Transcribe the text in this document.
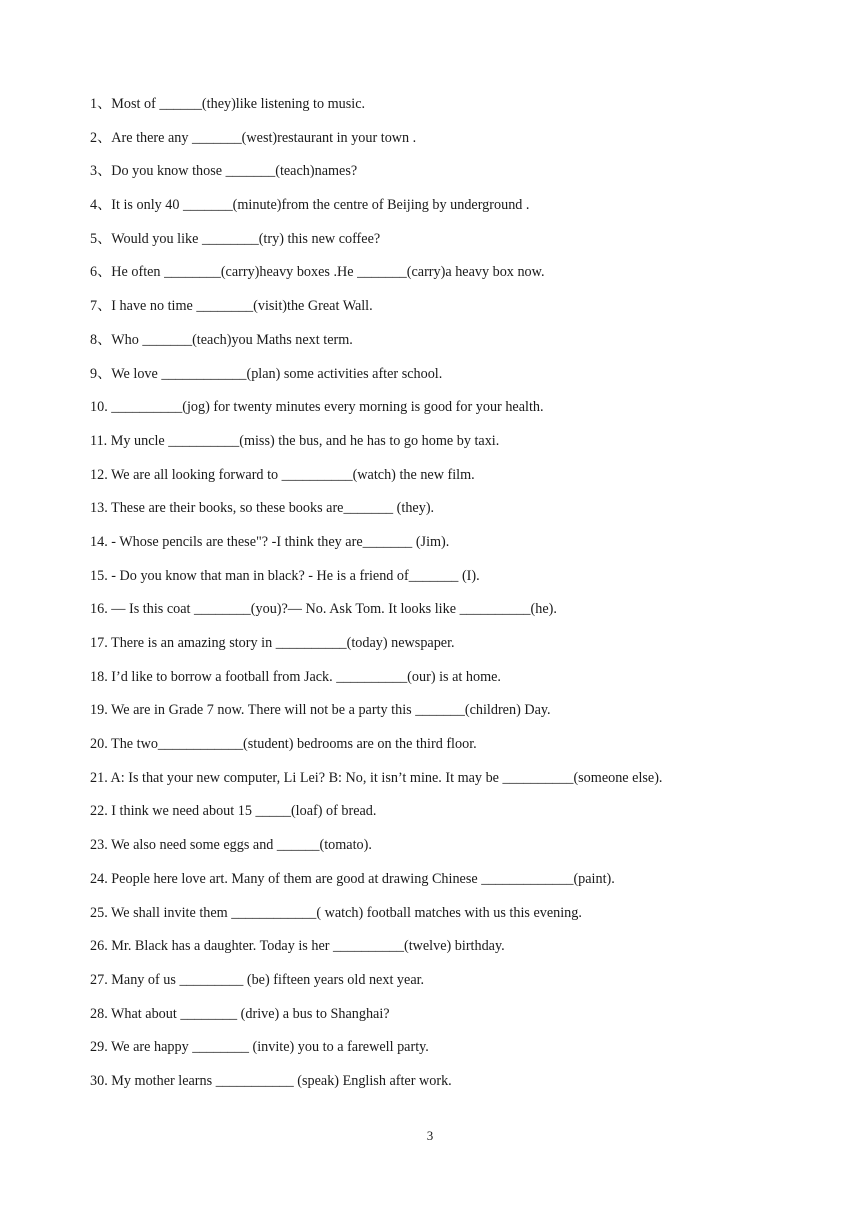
1、Most of ______(they)like listening to music.
2、Are there any _______(west)restaurant in your town .
3、Do you know those _______(teach)names?
4、It is only 40 _______(minute)from the centre of Beijing by underground .
5、Would you like ________(try) this new coffee?
6、He often ________(carry)heavy boxes .He _______(carry)a heavy box now.
7、I have no time ________(visit)the Great Wall.
8、Who _______(teach)you Maths next term.
9、We love ____________(plan) some activities after school.
10. __________(jog) for twenty minutes every morning is good for your health.
11. My uncle __________(miss) the bus, and he has to go home by taxi.
12. We are all looking forward to __________(watch) the new film.
13. These are their books, so these books are_______ (they).
14. - Whose pencils are these"? -I think they are_______ (Jim).
15. - Do you know that man in black? - He is a friend of_______ (I).
16. — Is this coat ________(you)?— No. Ask Tom. It looks like __________(he).
17. There is an amazing story in __________(today) newspaper.
18. I’d like to borrow a football from Jack. __________(our) is at home.
19. We are in Grade 7 now. There will not be a party this _______(children) Day.
20. The two____________(student) bedrooms are on the third floor.
21. A: Is that your new computer, Li Lei? B: No, it isn’t mine. It may be __________(someone else).
22. I think we need about 15 _____(loaf) of bread.
23. We also need some eggs and ______(tomato).
24. People here love art. Many of them are good at drawing Chinese _____________(paint).
25. We shall invite them ____________( watch) football matches with us this evening.
26. Mr. Black has a daughter. Today is her __________(twelve) birthday.
27. Many of us _________ (be) fifteen years old next year.
28. What about ________ (drive) a bus to Shanghai?
29. We are happy ________ (invite) you to a farewell party.
30. My mother learns ___________ (speak) English after work.
3
